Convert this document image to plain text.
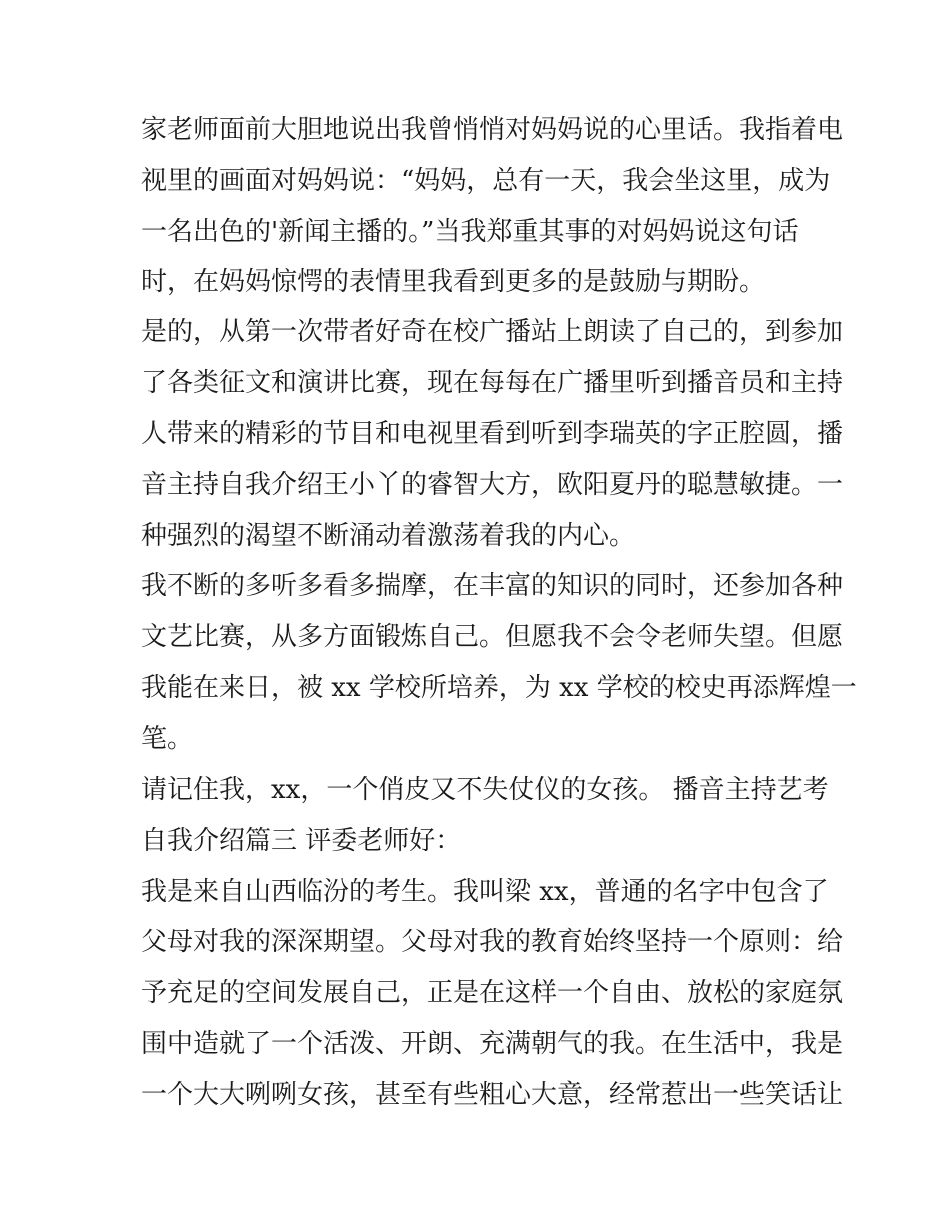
家老师面前大胆地说出我曾悄悄对妈妈说的心里话。我指着电
视里的画面对妈妈说：“妈妈，总有一天，我会坐这里，成为
一名出色的'新闻主播的。”当我郑重其事的对妈妈说这句话
时，在妈妈惊愕的表情里我看到更多的是鼓励与期盼。
是的，从第一次带者好奇在校广播站上朗读了自己的，到参加
了各类征文和演讲比赛，现在每每在广播里听到播音员和主持
人带来的精彩的节目和电视里看到听到李瑞英的字正腔圆，播
音主持自我介绍王小丫的睿智大方，欧阳夏丹的聪慧敏捷。一
种强烈的渴望不断涌动着激荡着我的内心。
我不断的多听多看多揣摩，在丰富的知识的同时，还参加各种
文艺比赛，从多方面锻炼自己。但愿我不会令老师失望。但愿
我能在来日，被 xx 学校所培养，为 xx 学校的校史再添辉煌一
笔。
请记住我，xx，一个俏皮又不失仗仪的女孩。 播音主持艺考
自我介绍篇三 评委老师好：
我是来自山西临汾的考生。我叫梁 xx，普通的名字中包含了
父母对我的深深期望。父母对我的教育始终坚持一个原则：给
予充足的空间发展自己，正是在这样一个自由、放松的家庭氛
围中造就了一个活泼、开朗、充满朝气的我。在生活中，我是
一个大大咧咧女孩，甚至有些粗心大意，经常惹出一些笑话让
